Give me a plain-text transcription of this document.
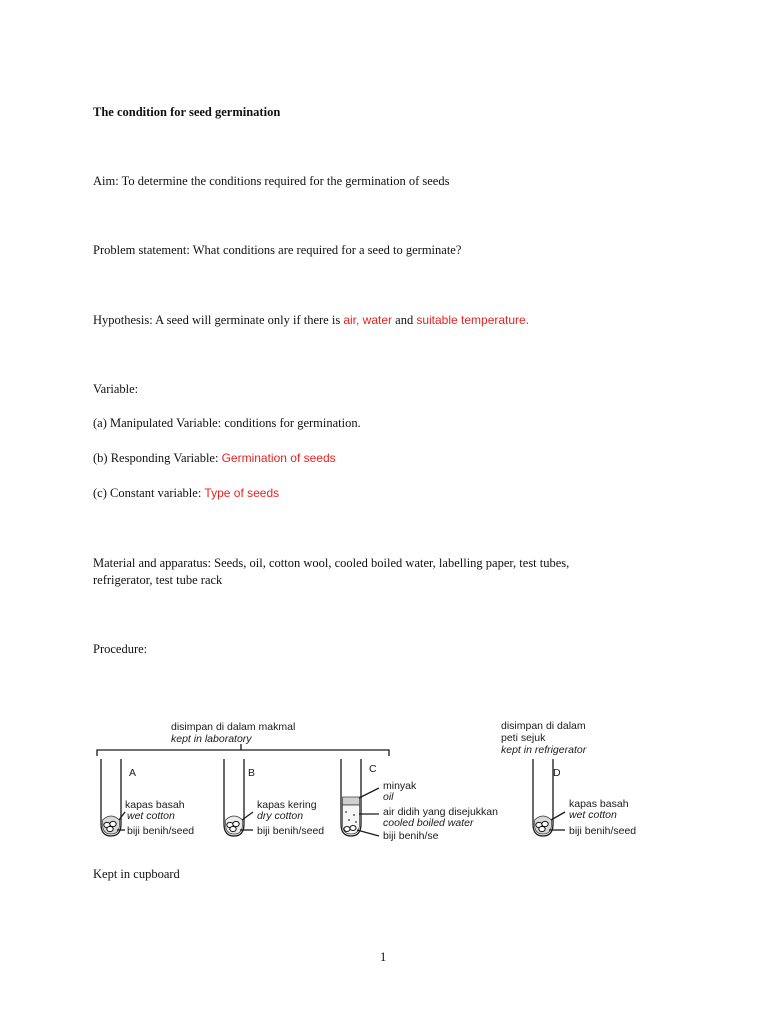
The condition for seed germination
Aim: To determine the conditions required for the germination of seeds
Problem statement: What conditions are required for a seed to germinate?
Hypothesis: A seed will germinate only if there is air, water and suitable temperature.
Variable:
(a) Manipulated Variable: conditions for germination.
(b) Responding Variable: Germination of seeds
(c) Constant variable: Type of seeds
Material and apparatus: Seeds, oil, cotton wool, cooled boiled water, labelling paper, test tubes,
refrigerator, test tube rack
Procedure:
disimpan di dalam makmal
kept in laboratory
disimpan di dalam
peti sejuk
kept in refrigerator
A
kapas basah
wet cotton
biji benih/seed
B
kapas kering
dry cotton
biji benih/seed
C
minyak
oil
air didih yang disejukkan
cooled boiled water
biji benih/se
D
kapas basah
wet cotton
biji benih/seed
Kept in cupboard
1
